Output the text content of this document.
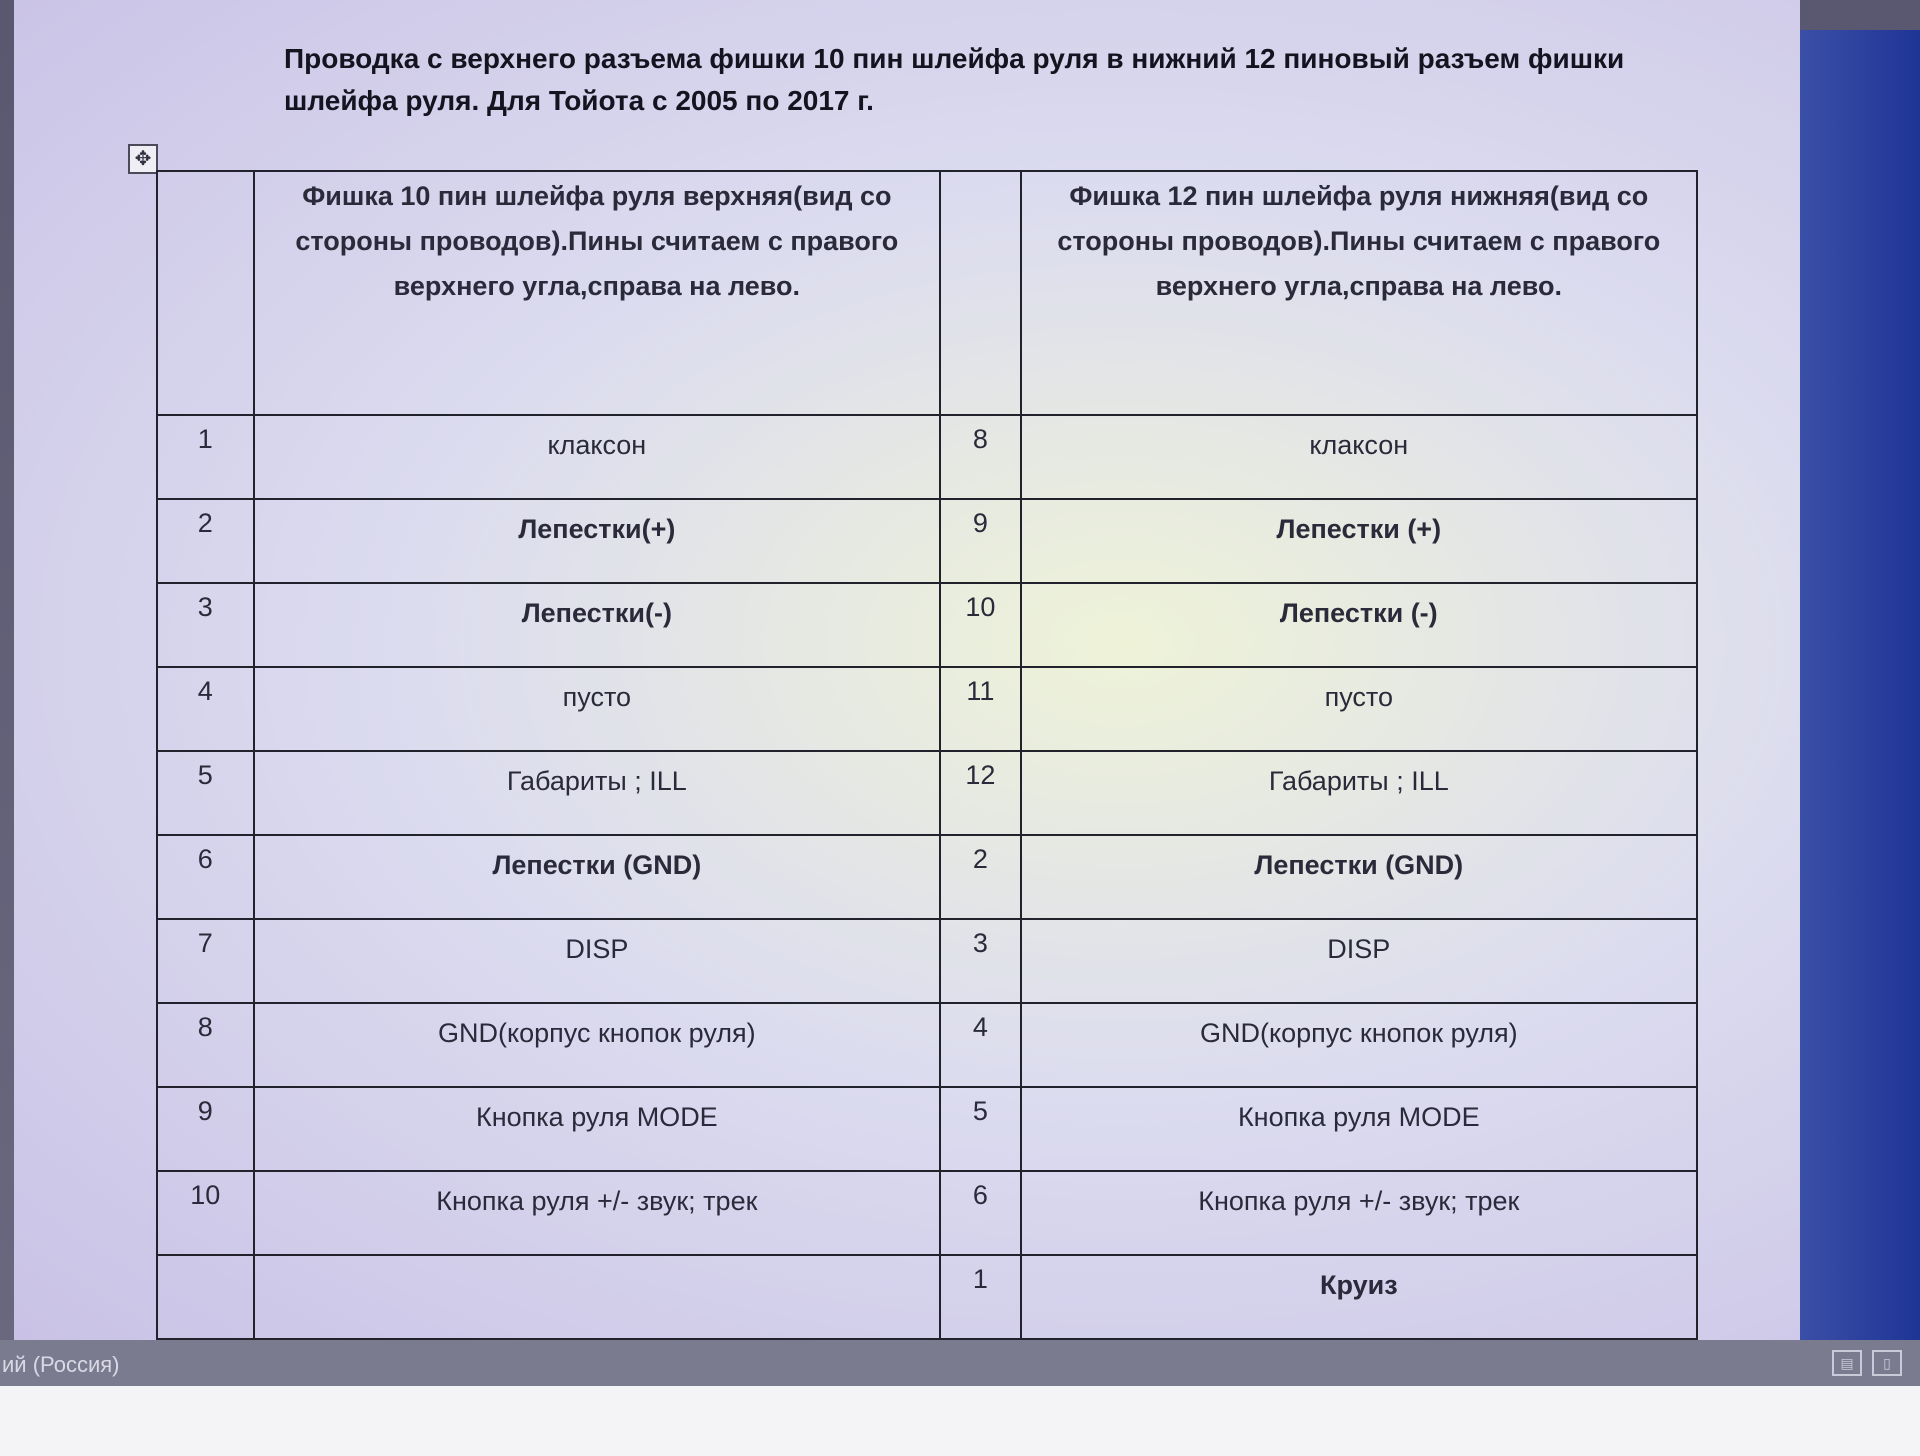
Проводка с верхнего разъема фишки 10 пин шлейфа руля в нижний 12 пиновый разъем фишки шлейфа руля. Для Тойота с 2005 по 2017 г.
✥
	Фишка 10 пин шлейфа руля верхняя(вид со стороны проводов).Пины считаем с правого верхнего угла,справа на лево.		Фишка 12 пин шлейфа руля нижняя(вид со стороны проводов).Пины считаем с правого верхнего угла,справа на лево.
1	клаксон	8	клаксон
2	Лепестки(+)	9	Лепестки (+)
3	Лепестки(-)	10	Лепестки (-)
4	пусто	11	пусто
5	Габариты ; ILL	12	Габариты ; ILL
6	Лепестки (GND)	2	Лепестки (GND)
7	DISP	3	DISP
8	GND(корпус кнопок руля)	4	GND(корпус кнопок руля)
9	Кнопка руля MODE	5	Кнопка руля MODE
10	Кнопка руля +/- звук; трек	6	Кнопка руля +/- звук; трек
		1	Круиз

ий (Россия)	▤	▯
